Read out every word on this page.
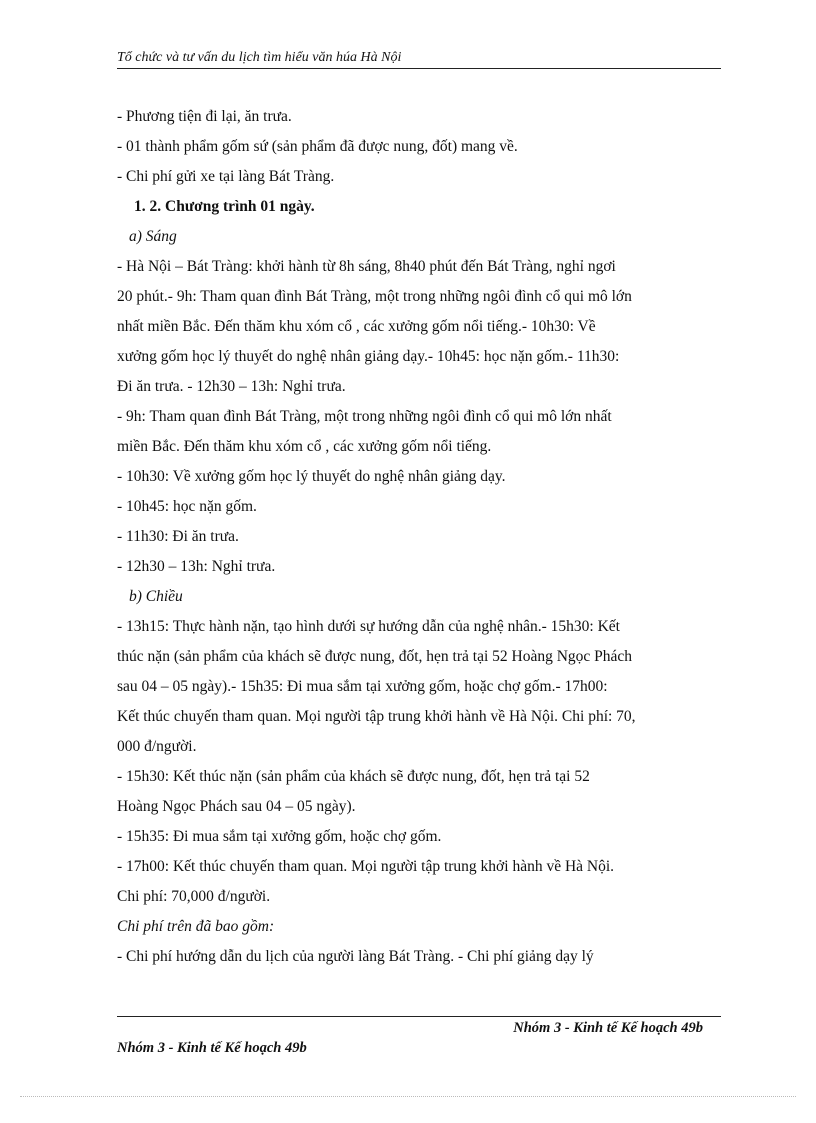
Tổ chức và tư vấn du lịch tìm hiểu văn húa Hà Nội
- Phương tiện đi lại, ăn trưa.
- 01 thành phẩm gốm sứ (sản phẩm đã được nung, đốt) mang về.
- Chi phí gửi xe tại làng Bát Tràng.
1. 2. Chương trình 01 ngày.
a) Sáng
- Hà Nội – Bát Tràng: khởi hành từ 8h sáng, 8h40 phút đến Bát Tràng, nghỉ ngơi
20 phút.- 9h: Tham quan đình Bát Tràng, một trong những ngôi đình cổ qui mô lớn
nhất miền Bắc. Đến thăm khu xóm cổ , các xưởng gốm nổi tiếng.- 10h30: Về
xưởng gốm học lý thuyết do nghệ nhân giảng dạy.- 10h45: học nặn gốm.- 11h30:
Đi ăn trưa. - 12h30 – 13h: Nghỉ trưa.
- 9h: Tham quan đình Bát Tràng, một trong những ngôi đình cổ qui mô lớn nhất
miền Bắc. Đến thăm khu xóm cổ , các xưởng gốm nổi tiếng.
- 10h30: Về xưởng gốm học lý thuyết do nghệ nhân giảng dạy.
- 10h45: học nặn gốm.
- 11h30: Đi ăn trưa.
- 12h30 – 13h: Nghỉ trưa.
b) Chiều
- 13h15: Thực hành nặn, tạo hình dưới sự hướng dẫn của nghệ nhân.- 15h30: Kết
thúc nặn (sản phẩm của khách sẽ được nung, đốt, hẹn trả tại 52 Hoàng Ngọc Phách
sau 04 – 05 ngày).- 15h35: Đi mua sắm tại xưởng gốm, hoặc chợ gốm.- 17h00:
Kết thúc chuyến tham quan. Mọi người tập trung khởi hành về Hà Nội. Chi phí: 70,
000 đ/người.
- 15h30: Kết thúc nặn (sản phẩm của khách sẽ được nung, đốt, hẹn trả tại 52
Hoàng Ngọc Phách sau 04 – 05 ngày).
- 15h35: Đi mua sắm tại xưởng gốm, hoặc chợ gốm.
- 17h00: Kết thúc chuyến tham quan. Mọi người tập trung khởi hành về Hà Nội.
Chi phí: 70,000 đ/người.
Chi phí trên đã bao gồm:
- Chi phí hướng dẫn du lịch của người làng Bát Tràng. - Chi phí giảng dạy lý
Nhóm 3 - Kinh tế Kế hoạch 49b
Nhóm 3 - Kinh tế Kế hoạch 49b
